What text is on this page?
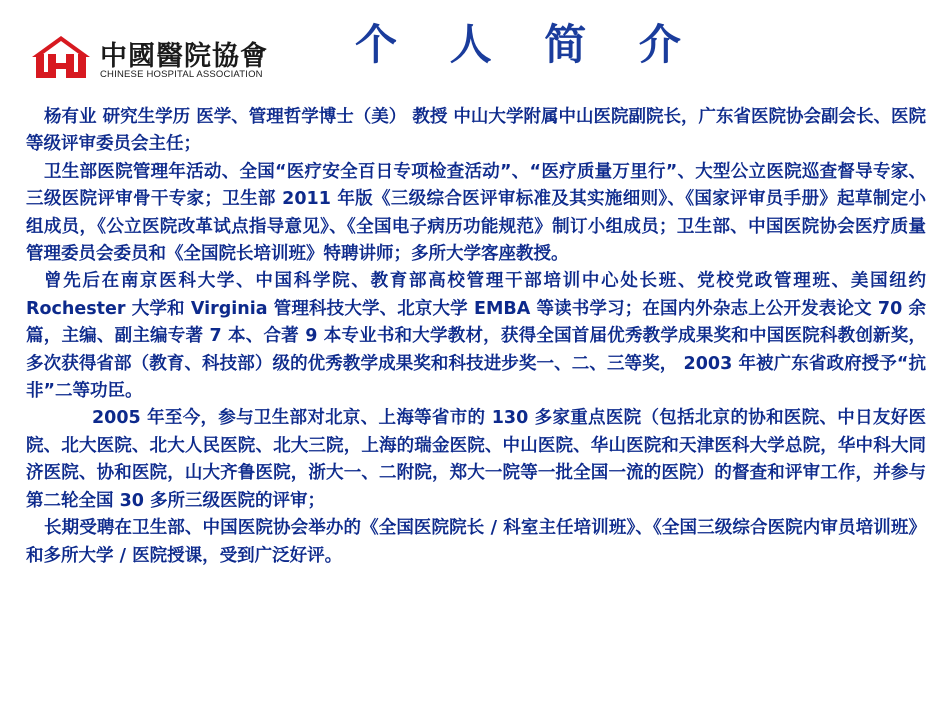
中國醫院協會
CHINESE HOSPITAL ASSOCIATION
个 人 简 介

杨有业 研究生学历 医学、管理哲学博士（美） 教授 中山大学附属中山医院副院长，广东省医院协会副会长、医院等级评审委员会主任；

卫生部医院管理年活动、全国“医疗安全百日专项检查活动”、“医疗质量万里行”、大型公立医院巡查督导专家、三级医院评审骨干专家；卫生部 2011 年版《三级综合医评审标准及其实施细则》、《国家评审员手册》起草制定小组成员，《公立医院改革试点指导意见》、《全国电子病历功能规范》制订小组成员；卫生部、中国医院协会医疗质量管理委员会委员和《全国院长培训班》特聘讲师；多所大学客座教授。

曾先后在南京医科大学、中国科学院、教育部高校管理干部培训中心处长班、党校党政管理班、美国纽约 Rochester 大学和 Virginia 管理科技大学、北京大学 EMBA 等读书学习；在国内外杂志上公开发表论文 70 余篇，主编、副主编专著 7 本、合著 9 本专业书和大学教材，获得全国首届优秀教学成果奖和中国医院科教创新奖，多次获得省部（教育、科技部）级的优秀教学成果奖和科技进步奖一、二、三等奖， 2003 年被广东省政府授予“抗非”二等功臣。

2005 年至今，参与卫生部对北京、上海等省市的 130 多家重点医院（包括北京的协和医院、中日友好医院、北大医院、北大人民医院、北大三院，上海的瑞金医院、中山医院、华山医院和天津医科大学总院，华中科大同济医院、协和医院，山大齐鲁医院，浙大一、二附院，郑大一院等一批全国一流的医院）的督查和评审工作，并参与第二轮全国 30 多所三级医院的评审；

长期受聘在卫生部、中国医院协会举办的《全国医院院长 / 科室主任培训班》、《全国三级综合医院内审员培训班》和多所大学 / 医院授课，受到广泛好评。
